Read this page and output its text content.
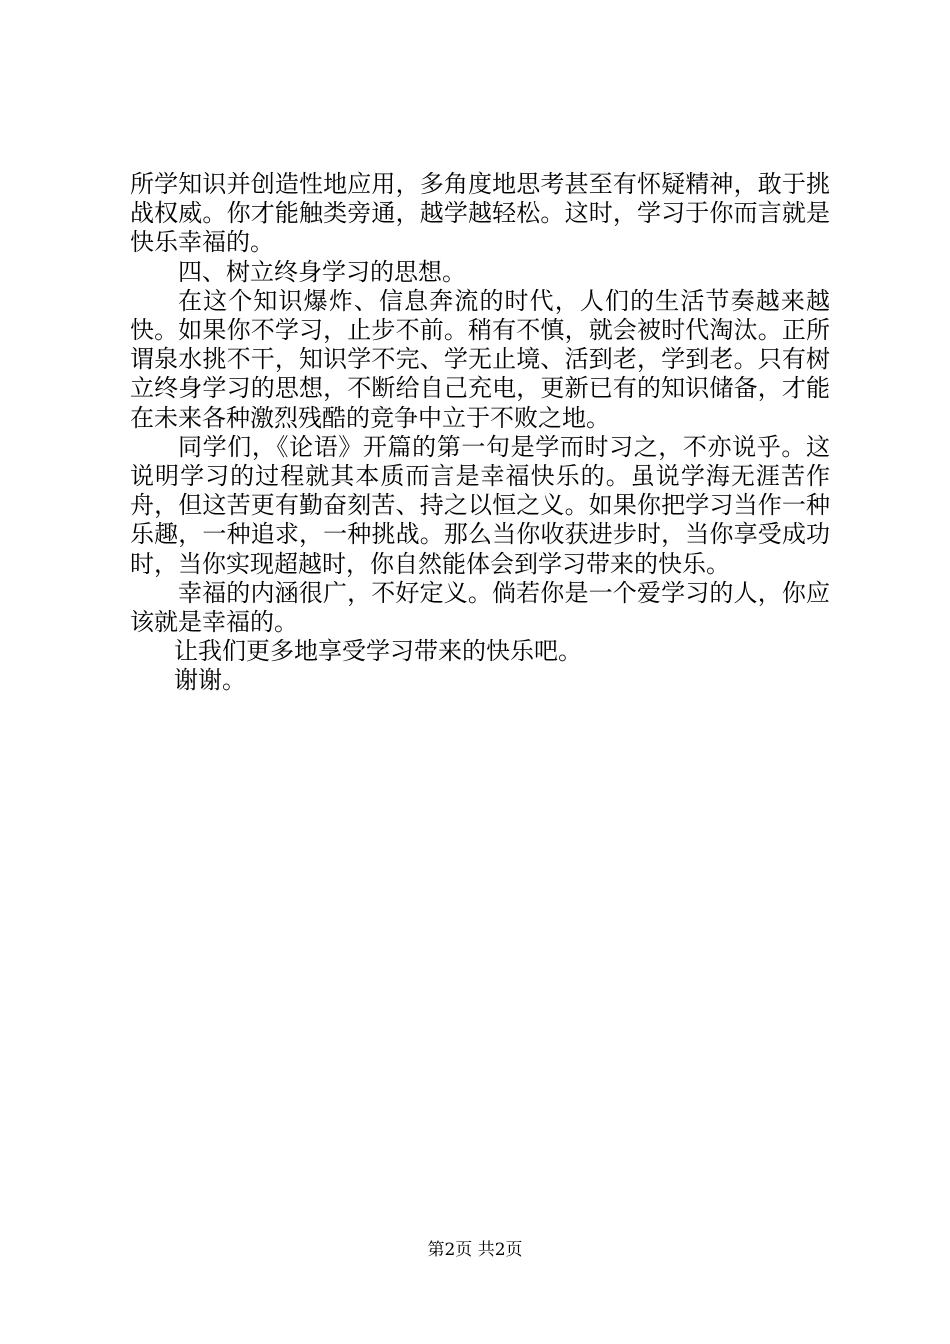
所学知识并创造性地应用，多角度地思考甚至有怀疑精神，敢于挑战权威。你才能触类旁通，越学越轻松。这时，学习于你而言就是快乐幸福的。

四、树立终身学习的思想。

在这个知识爆炸、信息奔流的时代，人们的生活节奏越来越快。如果你不学习，止步不前。稍有不慎，就会被时代淘汰。正所谓泉水挑不干，知识学不完、学无止境、活到老，学到老。只有树立终身学习的思想，不断给自己充电，更新已有的知识储备，才能在未来各种激烈残酷的竞争中立于不败之地。

同学们，《论语》开篇的第一句是学而时习之，不亦说乎。这说明学习的过程就其本质而言是幸福快乐的。虽说学海无涯苦作舟，但这苦更有勤奋刻苦、持之以恒之义。如果你把学习当作一种乐趣，一种追求，一种挑战。那么当你收获进步时，当你享受成功时，当你实现超越时，你自然能体会到学习带来的快乐。

幸福的内涵很广，不好定义。倘若你是一个爱学习的人，你应该就是幸福的。

让我们更多地享受学习带来的快乐吧。

谢谢。

第2页 共2页
